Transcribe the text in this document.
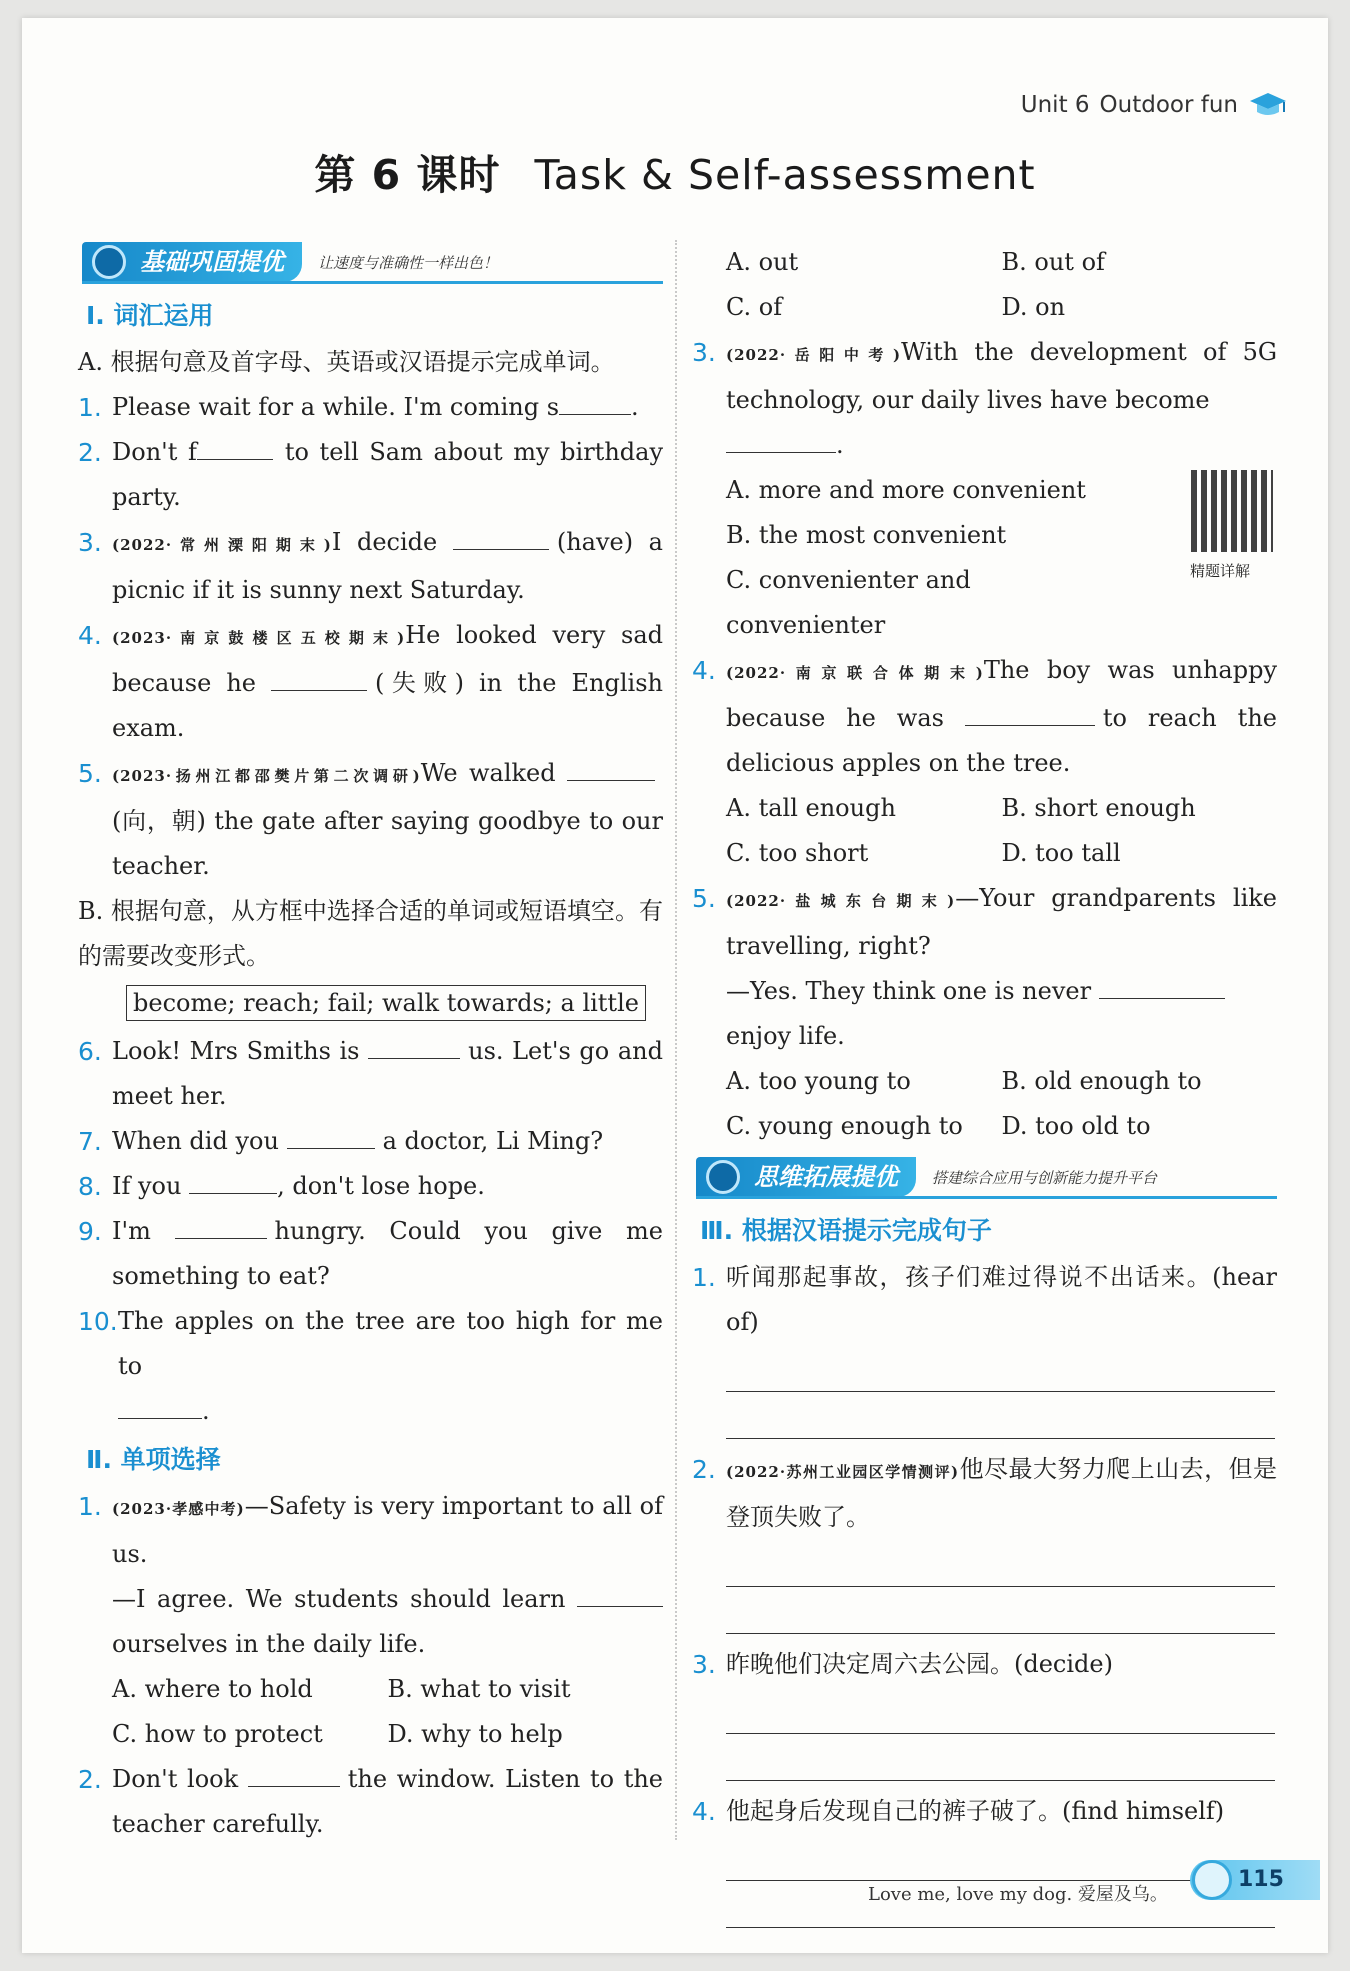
Unit 6 Outdoor fun
第 6 课时 Task & Self-assessment
基础巩固提优	让速度与准确性一样出色！
Ⅰ. 词汇运用
A. 根据句意及首字母、英语或汉语提示完成单词。
1. Please wait for a while. I'm coming s	.
2. Don't f	to tell Sam about my birthday party.
3. (2022·常州溧阳期末)I decide	(have) a picnic if it is sunny next Saturday.
4. (2023·南京鼓楼区五校期末)He looked very sad because he	(失败) in the English exam.
5. (2023·扬州江都邵樊片第二次调研)We walked (向，朝) the gate after saying goodbye to our teacher.
B. 根据句意，从方框中选择合适的单词或短语填空。有的需要改变形式。
become; reach; fail; walk towards; a little
6. Look! Mrs Smiths is	us. Let's go and meet her.
7. When did you	a doctor, Li Ming?
8. If you	, don't lose hope.
9. I'm	hungry. Could you give me something to eat?
10. The apples on the tree are too high for me to
.
Ⅱ. 单项选择
1. (2023·孝感中考)—Safety is very important to all of us.
—I agree. We students should learn  ourselves in the daily life.
A. where to hold	B. what to visit
C. how to protect	D. why to help
2. Don't look	the window. Listen to the teacher carefully.
A. out	B. out of
C. of	D. on
3. (2022·岳阳中考)With the development of 5G technology, our daily lives have become
.
A. more and more convenient
B. the most convenient
C. convenienter and convenienter
4. (2022·南京联合体期末)The boy was unhappy because he was	to reach the delicious apples on the tree.
A. tall enough	B. short enough
C. too short	D. too tall
5. (2022·盐城东台期末)—Your grandparents like travelling, right?
—Yes. They think one is never
enjoy life.
A. too young to	B. old enough to
C. young enough to	D. too old to
思维拓展提优	搭建综合应用与创新能力提升平台
Ⅲ. 根据汉语提示完成句子
1. 听闻那起事故，孩子们难过得说不出话来。(hear of)
2. (2022·苏州工业园区学情测评)他尽最大努力爬上山去，但是登顶失败了。
3. 昨晚他们决定周六去公园。(decide)
4. 他起身后发现自己的裤子破了。(find himself)
精题详解
Love me, love my dog. 爱屋及乌。
115
